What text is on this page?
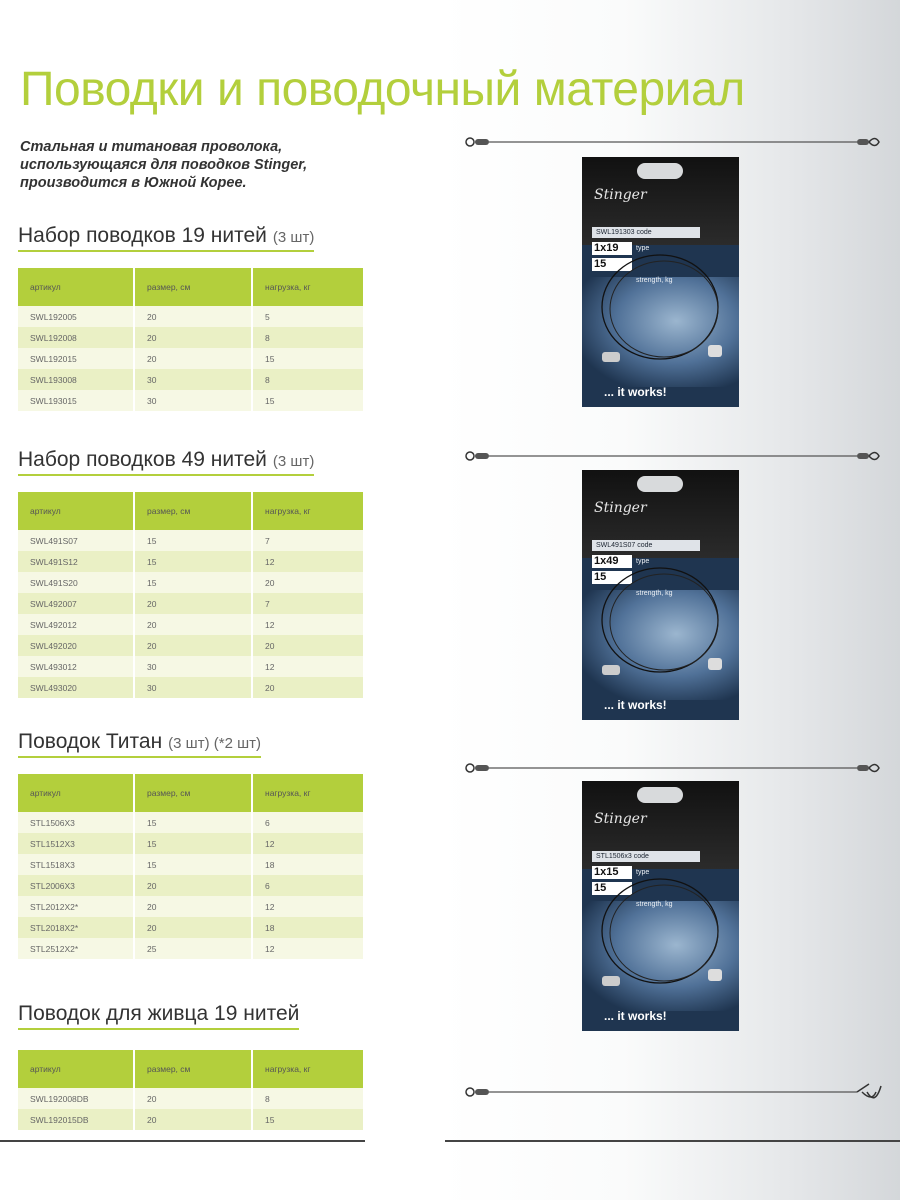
Поводки и поводочный материал
Стальная и титановая проволока,
использующаяся для поводков Stinger,
производится в Южной Корее.
Набор поводков 19 нитей (3 шт)
артикул	размер, см	нагрузка, кг
SWL192005	20	5
SWL192008	20	8
SWL192015	20	15
SWL193008	30	8
SWL193015	30	15
Набор поводков 49 нитей (3 шт)
артикул	размер, см	нагрузка, кг
SWL491S07	15	7
SWL491S12	15	12
SWL491S20	15	20
SWL492007	20	7
SWL492012	20	12
SWL492020	20	20
SWL493012	30	12
SWL493020	30	20
Поводок Титан (3 шт) (*2 шт)
артикул	размер, см	нагрузка, кг
STL1506X3	15	6
STL1512X3	15	12
STL1518X3	15	18
STL2006X3	20	6
STL2012X2*	20	12
STL2018X2*	20	18
STL2512X2*	25	12
Поводок для живца 19 нитей
артикул	размер, см	нагрузка, кг
SWL192008DB	20	8
SWL192015DB	20	15
Stinger
SWL191303 code
1x19	type
15
strength, kg
... it works!
Stinger
SWL491S07 code
1x49	type
15
strength, kg
... it works!
Stinger
STL1506x3 code
1x15	type
15
strength, kg
... it works!
